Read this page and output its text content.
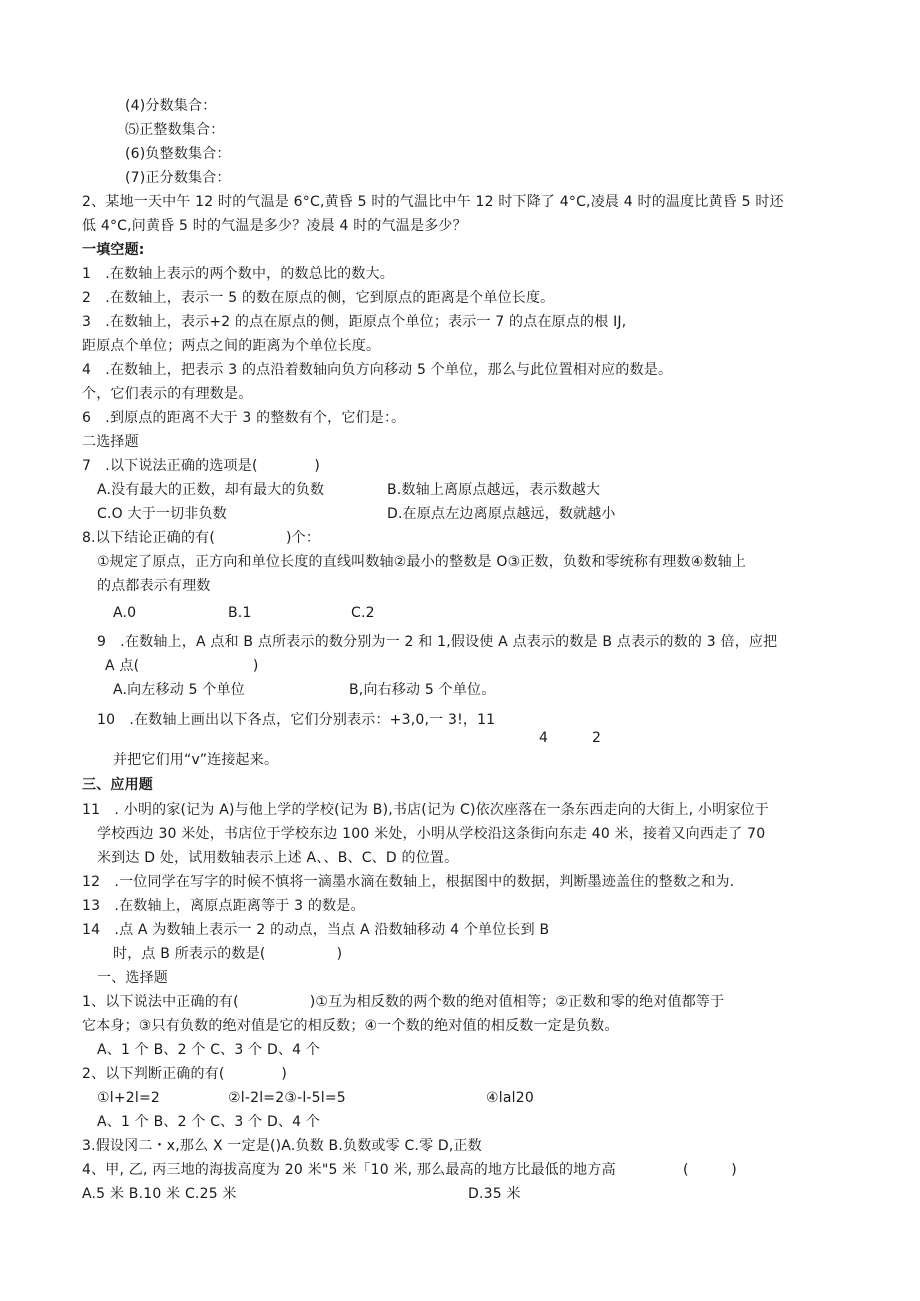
(4)分数集合：
⑸正整数集合：
(6)负整数集合：
(7)正分数集合：
2、某地一天中午 12 时的气温是 6°C,黄昏 5 时的气温比中午 12 时下降了 4°C,凌晨 4 时的温度比黄昏 5 时还
低 4°C,问黄昏 5 时的气温是多少？凌晨 4 时的气温是多少？
一填空题:
1　.在数轴上表示的两个数中，的数总比的数大。
2　.在数轴上，表示一 5 的数在原点的侧，它到原点的距离是个单位长度。
3　.在数轴上，表示+2 的点在原点的侧，距原点个单位；表示一 7 的点在原点的根 IJ,
距原点个单位；两点之间的距离为个单位长度。
4　.在数轴上，把表示 3 的点沿着数轴向负方向移动 5 个单位，那么与此位置相对应的数是。
个，它们表示的有理数是。
6　.到原点的距离不大于 3 的整数有个，它们是：。
二选择题
7　.以下说法正确的选项是(　　　　)
A.没有最大的正数，却有最大的负数	B.数轴上离原点越远，表示数越大
C.O 大于一切非负数	D.在原点左边离原点越远，数就越小
8.以下结论正确的有(　　　　　)个：
①规定了原点，正方向和单位长度的直线叫数轴②最小的整数是 O③正数，负数和零统称有理数④数轴上
的点都表示有理数
A.0	B.1	C.2
9　.在数轴上，A 点和 B 点所表示的数分别为一 2 和 1,假设使 A 点表示的数是 B 点表示的数的 3 倍，应把
A 点(　　　　　　　　)
A.向左移动 5 个单位	B,向右移动 5 个单位。
10　.在数轴上画出以下各点，它们分别表示：+3,0,一 3!，11
4	2
并把它们用“v”连接起来。
三、应用题
11　. 小明的家(记为 A)与他上学的学校(记为 B),书店(记为 C)依次座落在一条东西走向的大街上, 小明家位于
学校西边 30 米处，书店位于学校东边 100 米处，小明从学校沿这条街向东走 40 米，接着又向西走了 70
米到达 D 处，试用数轴表示上述 A、、B、C、D 的位置。
12　.一位同学在写字的时候不慎将一滴墨水滴在数轴上，根据图中的数据，判断墨迹盖住的整数之和为.
13　.在数轴上，离原点距离等于 3 的数是。
14　.点 A 为数轴上表示一 2 的动点，当点 A 沿数轴移动 4 个单位长到 B
时，点 B 所表示的数是(　　　　　)
一、选择题
1、以下说法中正确的有(　　　　　)①互为相反数的两个数的绝对值相等；②正数和零的绝对值都等于
它本身；③只有负数的绝对值是它的相反数；④一个数的绝对值的相反数一定是负数。
A、1 个 B、2 个 C、3 个 D、4 个
2、以下判断正确的有(　　　　)
①l+2l=2	②l-2l=2③-l-5l=5	④lal20
A、1 个 B、2 个 C、3 个 D、4 个
3.假设冈二・x,那么 X 一定是()A.负数 B.负数或零 C.零 D,正数
4、甲, 乙, 丙三地的海拔高度为 20 米"5 米「10 米, 那么最高的地方比最低的地方高	(　　　)
A.5 米 B.10 米 C.25 米	D.35 米
